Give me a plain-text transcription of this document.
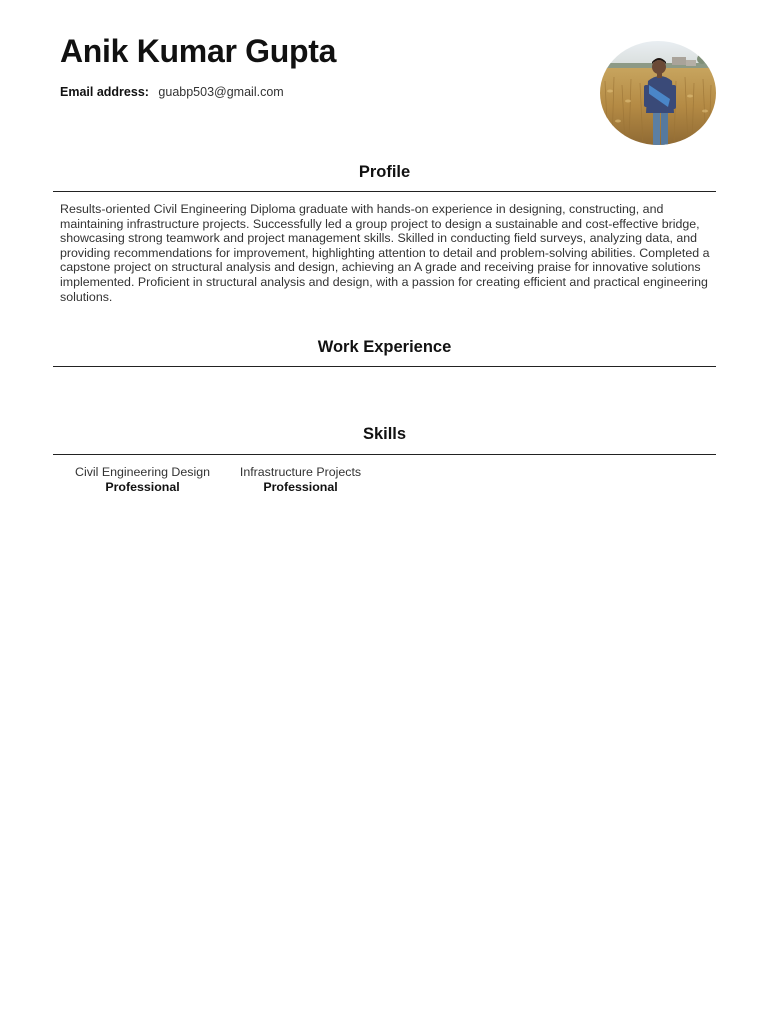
Anik Kumar Gupta
Email address: guabp503@gmail.com
Profile

Results-oriented Civil Engineering Diploma graduate with hands-on experience in designing, constructing, and maintaining infrastructure projects. Successfully led a group project to design a sustainable and cost-effective bridge, showcasing strong teamwork and project management skills. Skilled in conducting field surveys, analyzing data, and providing recommendations for improvement, highlighting attention to detail and problem-solving abilities. Completed a capstone project on structural analysis and design, achieving an A grade and receiving praise for innovative solutions implemented. Proficient in structural analysis and design, with a passion for creating efficient and practical engineering solutions.

Work Experience
Skills
Civil Engineering Design
Professional
Infrastructure Projects
Professional
